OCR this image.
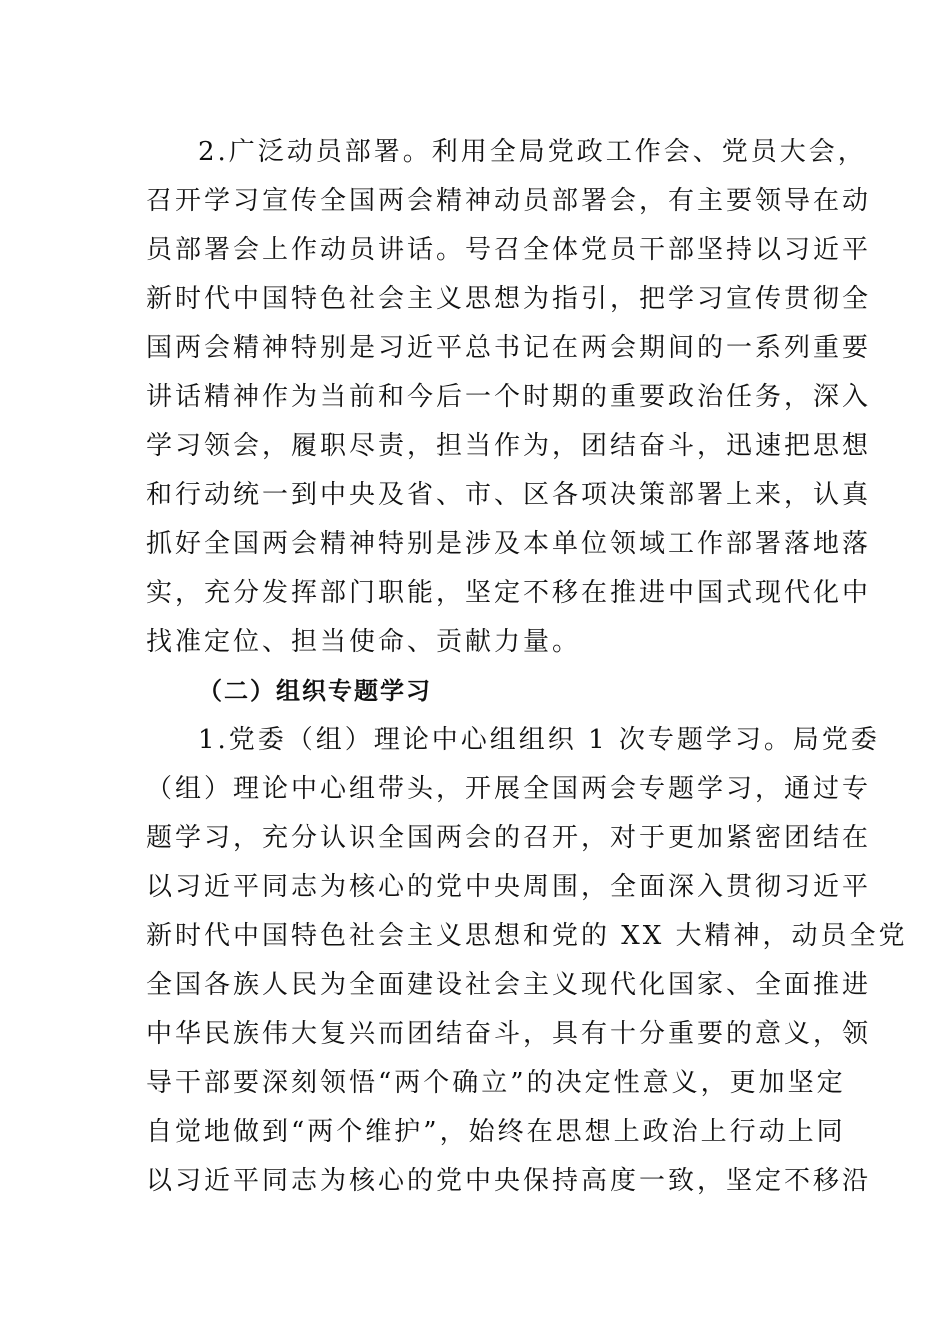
2.广泛动员部署。利用全局党政工作会、党员大会，
召开学习宣传全国两会精神动员部署会，有主要领导在动
员部署会上作动员讲话。号召全体党员干部坚持以习近平
新时代中国特色社会主义思想为指引，把学习宣传贯彻全
国两会精神特别是习近平总书记在两会期间的一系列重要
讲话精神作为当前和今后一个时期的重要政治任务，深入
学习领会，履职尽责，担当作为，团结奋斗，迅速把思想
和行动统一到中央及省、市、区各项决策部署上来，认真
抓好全国两会精神特别是涉及本单位领域工作部署落地落
实，充分发挥部门职能，坚定不移在推进中国式现代化中
找准定位、担当使命、贡献力量。
（二）组织专题学习
1.党委（组）理论中心组组织 1 次专题学习。局党委
（组）理论中心组带头，开展全国两会专题学习，通过专
题学习，充分认识全国两会的召开，对于更加紧密团结在
以习近平同志为核心的党中央周围，全面深入贯彻习近平
新时代中国特色社会主义思想和党的 XX 大精神，动员全党
全国各族人民为全面建设社会主义现代化国家、全面推进
中华民族伟大复兴而团结奋斗，具有十分重要的意义，领
导干部要深刻领悟“两个确立”的决定性意义，更加坚定
自觉地做到“两个维护”，始终在思想上政治上行动上同
以习近平同志为核心的党中央保持高度一致，坚定不移沿
